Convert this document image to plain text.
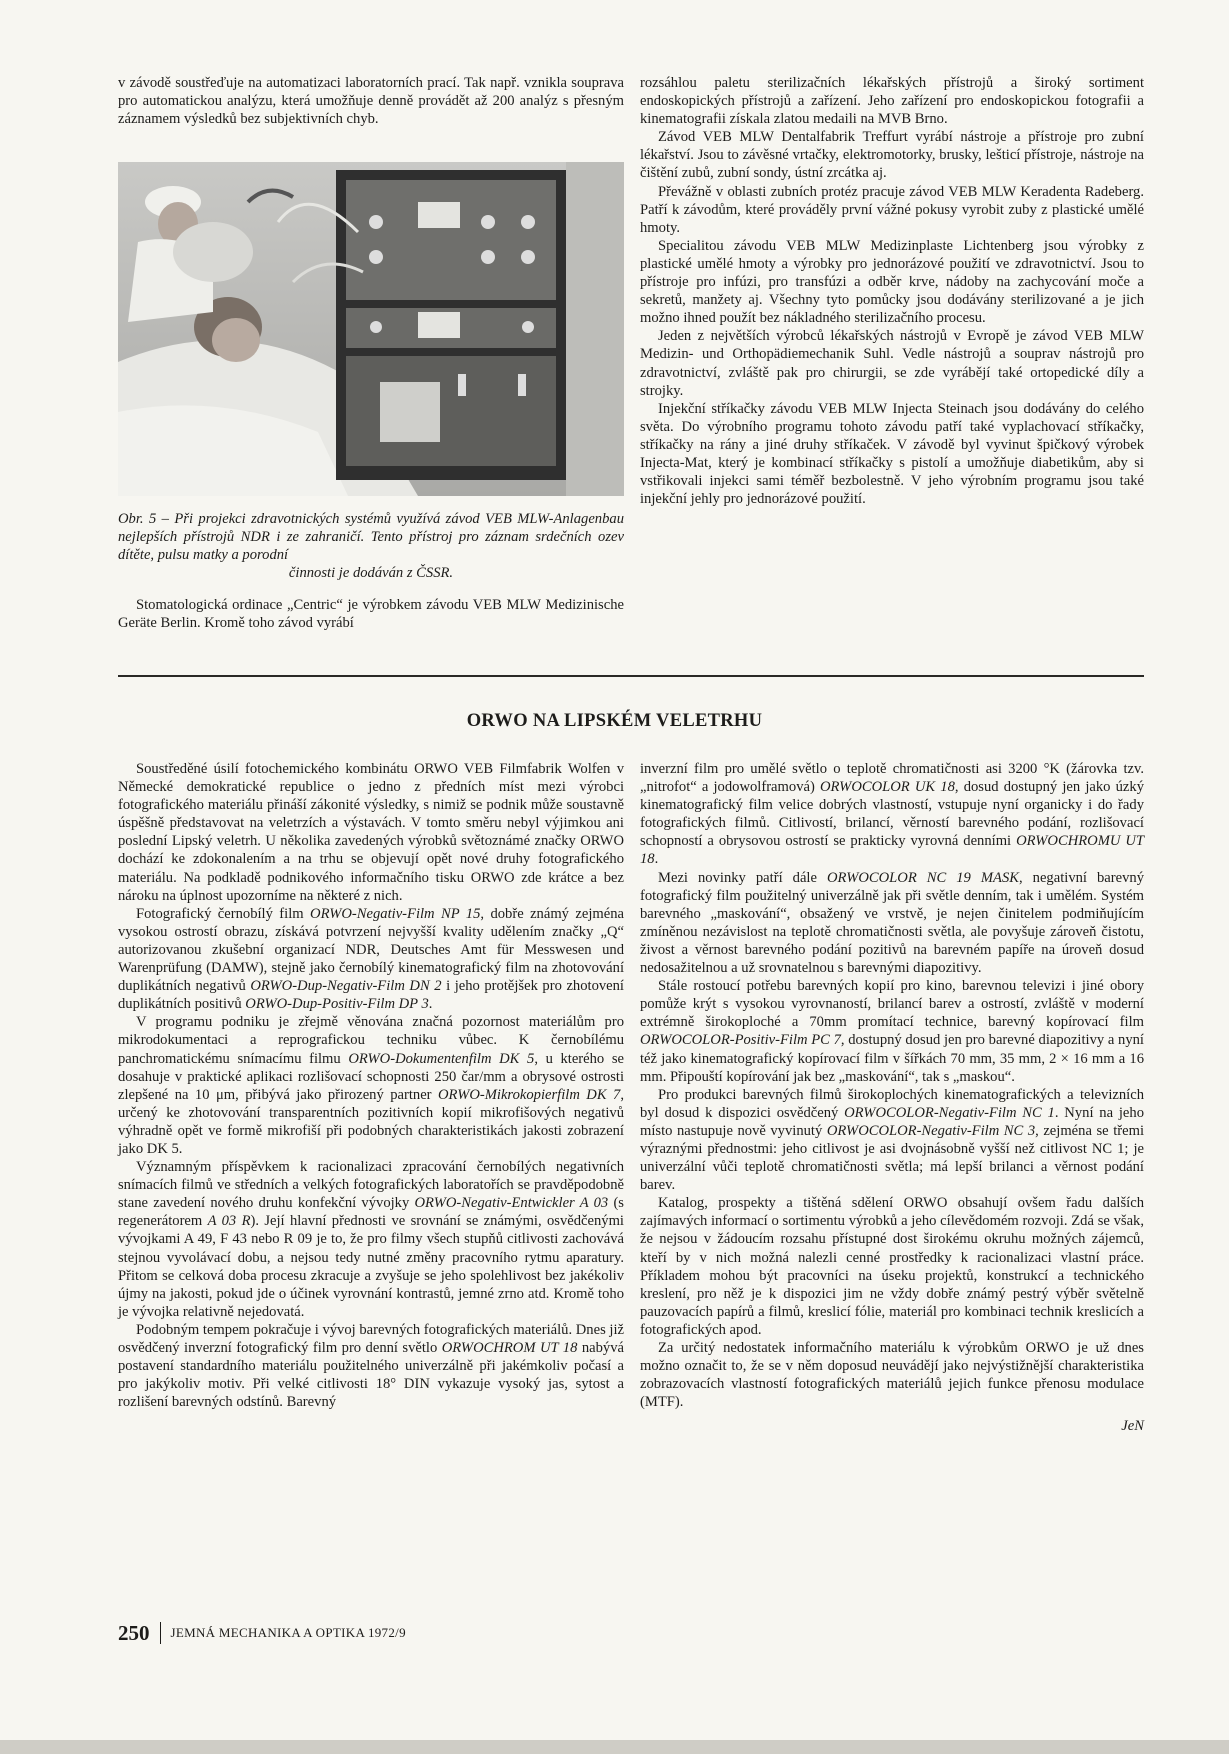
v závodě soustřeďuje na automatizaci laboratorních prací. Tak např. vznikla souprava pro automatickou analýzu, která umožňuje denně provádět až 200 analýz s přesným záznamem výsledků bez subjektivních chyb.

Obr. 5 – Při projekci zdravotnických systémů využívá závod VEB MLW-Anlagenbau nejlepších přístrojů NDR i ze zahraničí. Tento přístroj pro záznam srdečních ozev dítěte, pulsu matky a porodní
činnosti je dodáván z ČSSR.

Stomatologická ordinace „Centric“ je výrobkem závodu VEB MLW Medizinische Geräte Berlin. Kromě toho závod vyrábí

rozsáhlou paletu sterilizačních lékařských přístrojů a široký sortiment endoskopických přístrojů a zařízení. Jeho zařízení pro endoskopickou fotografii a kinematografii získala zlatou medaili na MVB Brno.

Závod VEB MLW Dentalfabrik Treffurt vyrábí nástroje a přístroje pro zubní lékařství. Jsou to závěsné vrtačky, elektromotorky, brusky, lešticí přístroje, nástroje na čištění zubů, zubní sondy, ústní zrcátka aj.

Převážně v oblasti zubních protéz pracuje závod VEB MLW Keradenta Radeberg. Patří k závodům, které prováděly první vážné pokusy vyrobit zuby z plastické umělé hmoty.

Specialitou závodu VEB MLW Medizinplaste Lichtenberg jsou výrobky z plastické umělé hmoty a výrobky pro jednorázové použití ve zdravotnictví. Jsou to přístroje pro infúzi, pro transfúzi a odběr krve, nádoby na zachycování moče a sekretů, manžety aj. Všechny tyto pomůcky jsou dodávány sterilizované a je jich možno ihned použít bez nákladného sterilizačního procesu.

Jeden z největších výrobců lékařských nástrojů v Evropě je závod VEB MLW Medizin- und Orthopädiemechanik Suhl. Vedle nástrojů a souprav nástrojů pro zdravotnictví, zvláště pak pro chirurgii, se zde vyrábějí také ortopedické díly a strojky.

Injekční stříkačky závodu VEB MLW Injecta Steinach jsou dodávány do celého světa. Do výrobního programu tohoto závodu patří také vyplachovací stříkačky, stříkačky na rány a jiné druhy stříkaček. V závodě byl vyvinut špičkový výrobek Injecta-Mat, který je kombinací stříkačky s pistolí a umožňuje diabetikům, aby si vstřikovali injekci sami téměř bezbolestně. V jeho výrobním programu jsou také injekční jehly pro jednorázové použití.

ORWO NA LIPSKÉM VELETRHU

Soustředěné úsilí fotochemického kombinátu ORWO VEB Filmfabrik Wolfen v Německé demokratické republice o jedno z předních míst mezi výrobci fotografického materiálu přináší zákonité výsledky, s nimiž se podnik může soustavně úspěšně představovat na veletrzích a výstavách. V tomto směru nebyl výjimkou ani poslední Lipský veletrh. U několika zavedených výrobků světoznámé značky ORWO dochází ke zdokonalením a na trhu se objevují opět nové druhy fotografického materiálu. Na podkladě podnikového informačního tisku ORWO zde krátce a bez nároku na úplnost upozorníme na některé z nich.

Fotografický černobílý film ORWO-Negativ-Film NP 15, dobře známý zejména vysokou ostrostí obrazu, získává potvrzení nejvyšší kvality udělením značky „Q“ autorizovanou zkušební organizací NDR, Deutsches Amt für Messwesen und Warenprüfung (DAMW), stejně jako černobílý kinematografický film na zhotovování duplikátních negativů ORWO-Dup-Negativ-Film DN 2 i jeho protějšek pro zhotovení duplikátních positivů ORWO-Dup-Positiv-Film DP 3.

V programu podniku je zřejmě věnována značná pozornost materiálům pro mikrodokumentaci a reprografickou techniku vůbec. K černobílému panchromatickému snímacímu filmu ORWO-Dokumentenfilm DK 5, u kterého se dosahuje v praktické aplikaci rozlišovací schopnosti 250 čar/mm a obrysové ostrosti zlepšené na 10 μm, přibývá jako přirozený partner ORWO-Mikrokopierfilm DK 7, určený ke zhotovování transparentních pozitivních kopií mikrofišových negativů výhradně opět ve formě mikrofiší při podobných charakteristikách jakosti zobrazení jako DK 5.

Významným příspěvkem k racionalizaci zpracování černobílých negativních snímacích filmů ve středních a velkých fotografických laboratořích se pravděpodobně stane zavedení nového druhu konfekční vývojky ORWO-Negativ-Entwickler A 03 (s regenerátorem A 03 R). Její hlavní přednosti ve srovnání se známými, osvědčenými vývojkami A 49, F 43 nebo R 09 je to, že pro filmy všech stupňů citlivosti zachovává stejnou vyvolávací dobu, a nejsou tedy nutné změny pracovního rytmu aparatury. Přitom se celková doba procesu zkracuje a zvyšuje se jeho spolehlivost bez jakékoliv újmy na jakosti, pokud jde o účinek vyrovnání kontrastů, jemné zrno atd. Kromě toho je vývojka relativně nejedovatá.

Podobným tempem pokračuje i vývoj barevných fotografických materiálů. Dnes již osvědčený inverzní fotografický film pro denní světlo ORWOCHROM UT 18 nabývá postavení standardního materiálu použitelného univerzálně při jakémkoliv počasí a pro jakýkoliv motiv. Při velké citlivosti 18° DIN vykazuje vysoký jas, sytost a rozlišení barevných odstínů. Barevný

inverzní film pro umělé světlo o teplotě chromatičnosti asi 3200 °K (žárovka tzv. „nitrofot“ a jodowolframová) ORWOCOLOR UK 18, dosud dostupný jen jako úzký kinematografický film velice dobrých vlastností, vstupuje nyní organicky i do řady fotografických filmů. Citlivostí, brilancí, věrností barevného podání, rozlišovací schopností a obrysovou ostrostí se prakticky vyrovná denními ORWOCHROMU UT 18.

Mezi novinky patří dále ORWOCOLOR NC 19 MASK, negativní barevný fotografický film použitelný univerzálně jak při světle denním, tak i umělém. Systém barevného „maskování“, obsažený ve vrstvě, je nejen činitelem podmiňujícím zmíněnou nezávislost na teplotě chromatičnosti světla, ale povyšuje zároveň čistotu, živost a věrnost barevného podání pozitivů na barevném papíře na úroveň dosud nedosažitelnou a už srovnatelnou s barevnými diapozitivy.

Stále rostoucí potřebu barevných kopií pro kino, barevnou televizi i jiné obory pomůže krýt s vysokou vyrovnaností, brilancí barev a ostrostí, zvláště v moderní extrémně širokoploché a 70mm promítací technice, barevný kopírovací film ORWOCOLOR-Positiv-Film PC 7, dostupný dosud jen pro barevné diapozitivy a nyní též jako kinematografický kopírovací film v šířkách 70 mm, 35 mm, 2 × 16 mm a 16 mm. Připouští kopírování jak bez „maskování“, tak s „maskou“.

Pro produkci barevných filmů širokoplochých kinematografických a televizních byl dosud k dispozici osvědčený ORWOCOLOR-Negativ-Film NC 1. Nyní na jeho místo nastupuje nově vyvinutý ORWOCOLOR-Negativ-Film NC 3, zejména se třemi výraznými přednostmi: jeho citlivost je asi dvojnásobně vyšší než citlivost NC 1; je univerzální vůči teplotě chromatičnosti světla; má lepší brilanci a věrnost podání barev.

Katalog, prospekty a tištěná sdělení ORWO obsahují ovšem řadu dalších zajímavých informací o sortimentu výrobků a jeho cílevědomém rozvoji. Zdá se však, že nejsou v žádoucím rozsahu přístupné dost širokému okruhu možných zájemců, kteří by v nich možná nalezli cenné prostředky k racionalizaci vlastní práce. Příkladem mohou být pracovníci na úseku projektů, konstrukcí a technického kreslení, pro něž je k dispozici jim ne vždy dobře známý pestrý výběr světelně pauzovacích papírů a filmů, kreslicí fólie, materiál pro kombinaci technik kreslicích a fotografických apod.

Za určitý nedostatek informačního materiálu k výrobkům ORWO je už dnes možno označit to, že se v něm doposud neuvádějí jako nejvýstižnější charakteristika zobrazovacích vlastností fotografických materiálů jejich funkce přenosu modulace (MTF).

JeN
250 JEMNÁ MECHANIKA A OPTIKA 1972/9
